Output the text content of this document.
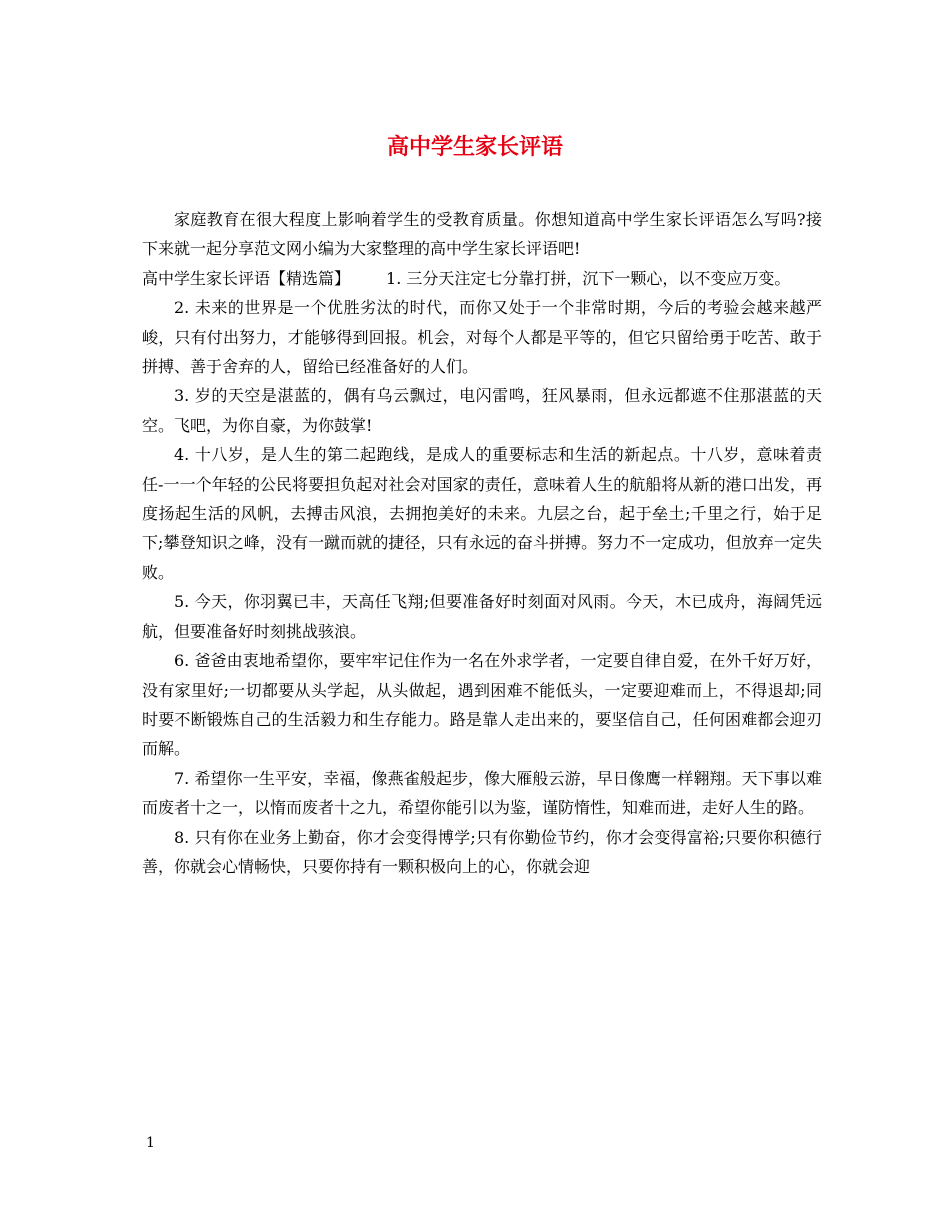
高中学生家长评语

家庭教育在很大程度上影响着学生的受教育质量。你想知道高中学生家长评语怎么写吗?接下来就一起分享范文网小编为大家整理的高中学生家长评语吧!

高中学生家长评语【精选篇】 1. 三分天注定七分靠打拼，沉下一颗心，以不变应万变。

2. 未来的世界是一个优胜劣汰的时代，而你又处于一个非常时期，今后的考验会越来越严峻，只有付出努力，才能够得到回报。机会，对每个人都是平等的，但它只留给勇于吃苦、敢于拼搏、善于舍弃的人，留给已经准备好的人们。

3. 岁的天空是湛蓝的，偶有乌云飘过，电闪雷鸣，狂风暴雨，但永远都遮不住那湛蓝的天空。飞吧，为你自豪，为你鼓掌!

4. 十八岁，是人生的第二起跑线，是成人的重要标志和生活的新起点。十八岁，意味着责任-一一个年轻的公民将要担负起对社会对国家的责任，意味着人生的航船将从新的港口出发，再度扬起生活的风帆，去搏击风浪，去拥抱美好的未来。九层之台，起于垒土;千里之行，始于足下;攀登知识之峰，没有一蹴而就的捷径，只有永远的奋斗拼搏。努力不一定成功，但放弃一定失败。

5. 今天，你羽翼已丰，天高任飞翔;但要准备好时刻面对风雨。今天，木已成舟，海阔凭远航，但要准备好时刻挑战骇浪。

6. 爸爸由衷地希望你，要牢牢记住作为一名在外求学者，一定要自律自爱，在外千好万好，没有家里好;一切都要从头学起，从头做起，遇到困难不能低头，一定要迎难而上，不得退却;同时要不断锻炼自己的生活毅力和生存能力。路是靠人走出来的，要坚信自己，任何困难都会迎刃而解。

7. 希望你一生平安，幸福，像燕雀般起步，像大雁般云游，早日像鹰一样翱翔。天下事以难而废者十之一，以惰而废者十之九，希望你能引以为鉴，谨防惰性，知难而进，走好人生的路。

8. 只有你在业务上勤奋，你才会变得博学;只有你勤俭节约，你才会变得富裕;只要你积德行善，你就会心情畅快，只要你持有一颗积极向上的心，你就会迎

1
